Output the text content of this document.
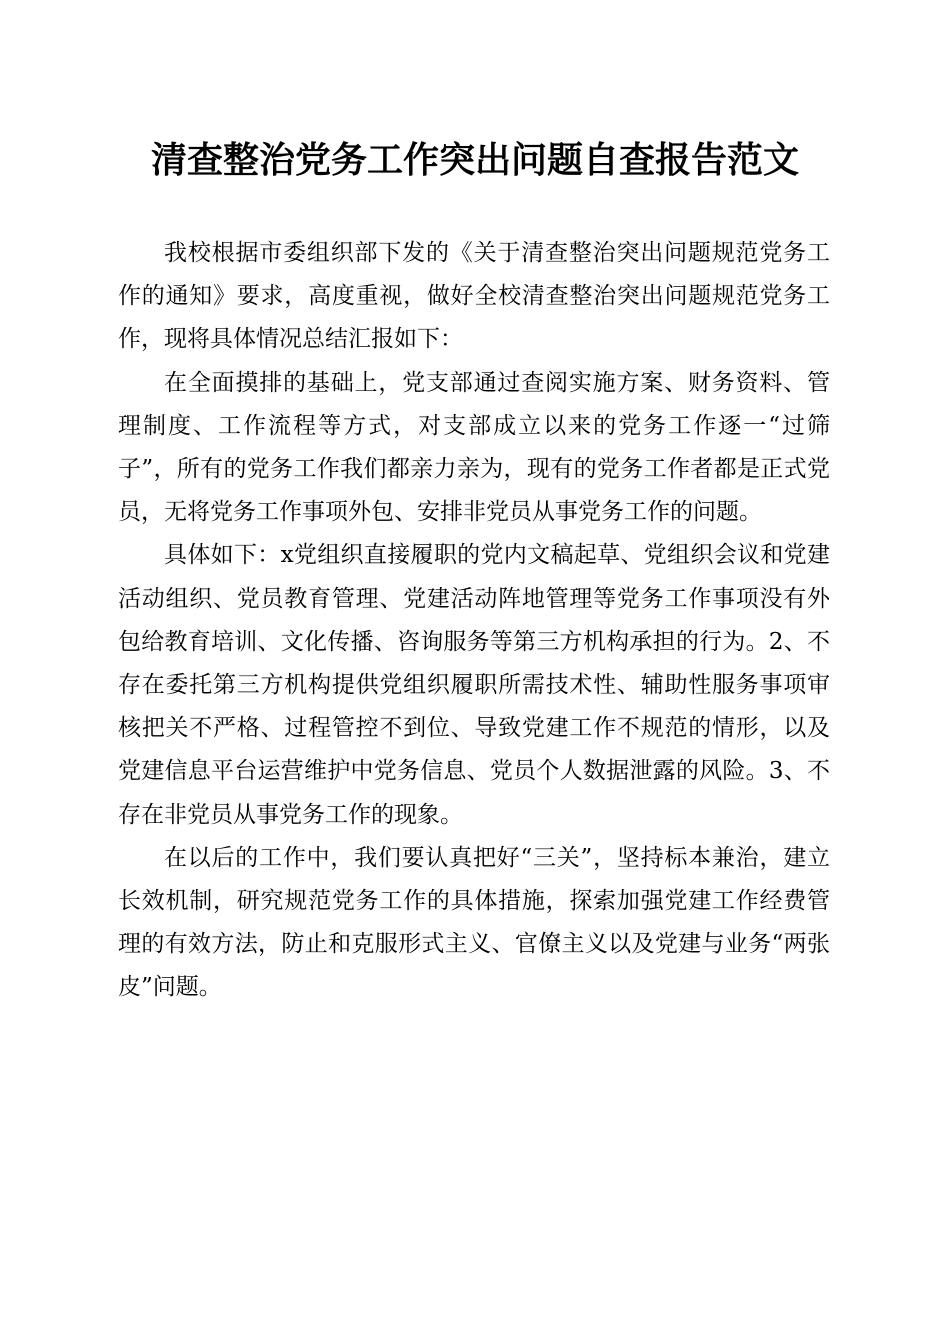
清查整治党务工作突出问题自查报告范文

我校根据市委组织部下发的《关于清查整治突出问题规范党务工作的通知》要求，高度重视，做好全校清查整治突出问题规范党务工作，现将具体情况总结汇报如下：

在全面摸排的基础上，党支部通过查阅实施方案、财务资料、管理制度、工作流程等方式，对支部成立以来的党务工作逐一“过筛子”，所有的党务工作我们都亲力亲为，现有的党务工作者都是正式党员，无将党务工作事项外包、安排非党员从事党务工作的问题。

具体如下：x党组织直接履职的党内文稿起草、党组织会议和党建活动组织、党员教育管理、党建活动阵地管理等党务工作事项没有外包给教育培训、文化传播、咨询服务等第三方机构承担的行为。2、不存在委托第三方机构提供党组织履职所需技术性、辅助性服务事项审核把关不严格、过程管控不到位、导致党建工作不规范的情形，以及党建信息平台运营维护中党务信息、党员个人数据泄露的风险。3、不存在非党员从事党务工作的现象。

在以后的工作中，我们要认真把好“三关”，坚持标本兼治，建立长效机制，研究规范党务工作的具体措施，探索加强党建工作经费管理的有效方法，防止和克服形式主义、官僚主义以及党建与业务“两张皮”问题。
